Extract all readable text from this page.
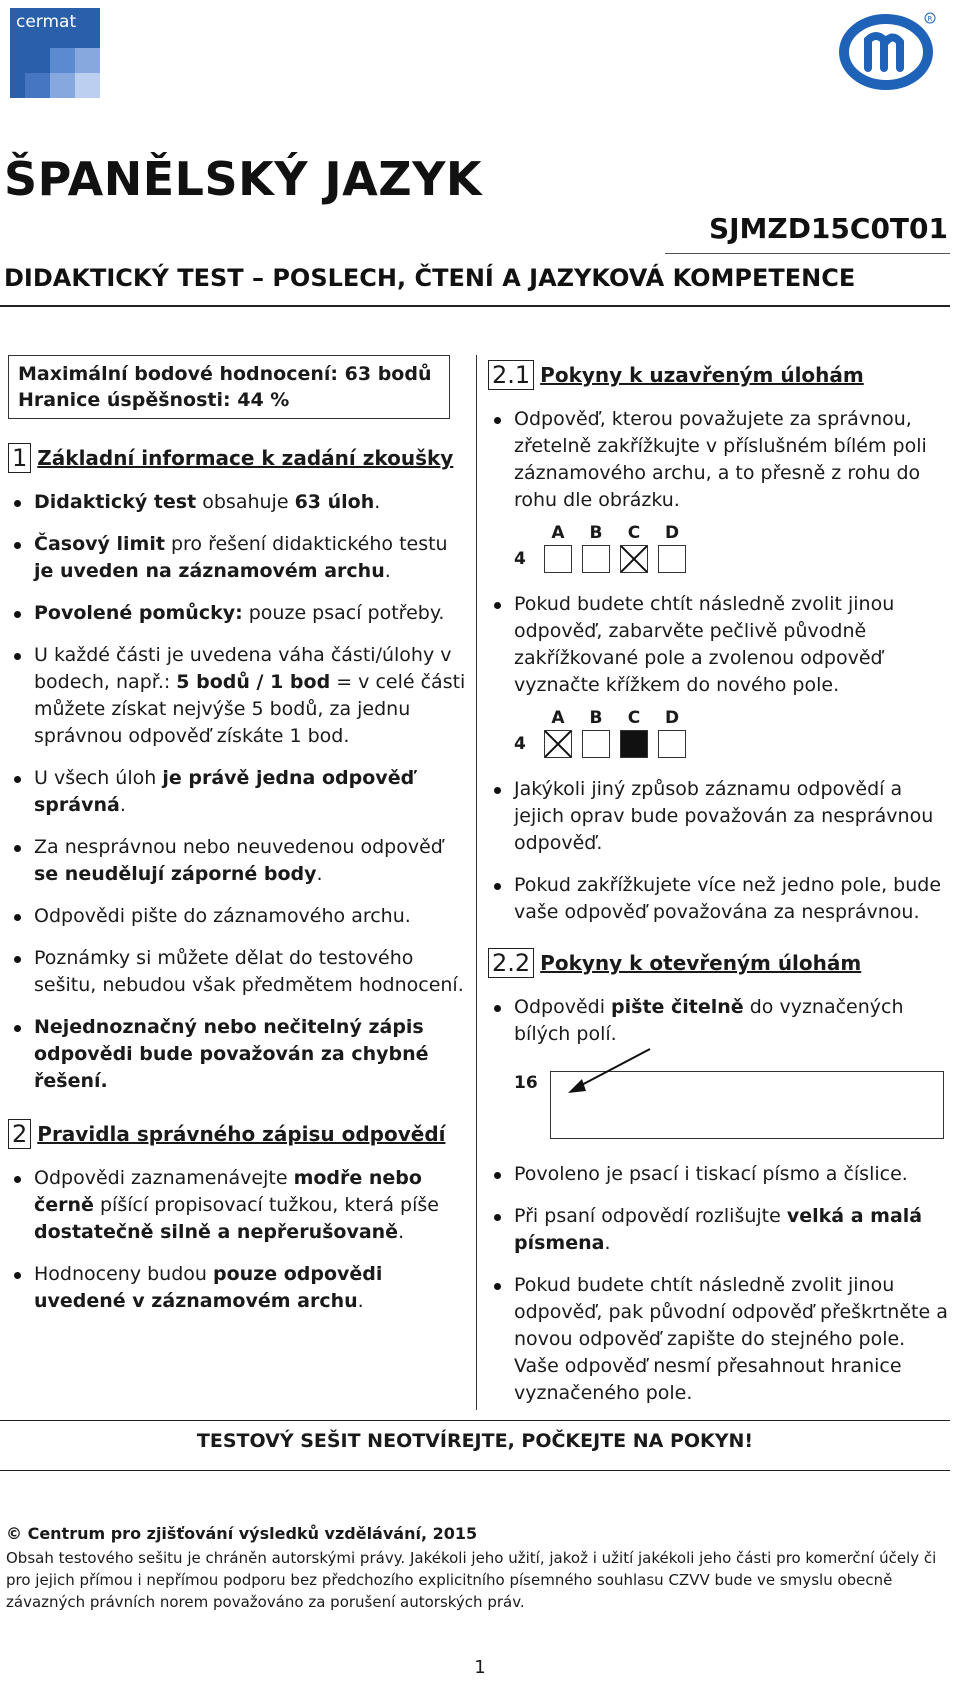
cermat	R
ŠPANĚLSKÝ JAZYK
SJMZD15C0T01
DIDAKTICKÝ TEST – POSLECH, ČTENÍ A JAZYKOVÁ KOMPETENCE
Maximální bodové hodnocení: 63 bodů
Hranice úspěšnosti: 44 %
1 Základní informace k zadání zkoušky
Didaktický test obsahuje 63 úloh.
Časový limit pro řešení didaktického testu je uveden na záznamovém archu.
Povolené pomůcky: pouze psací potřeby.
U každé části je uvedena váha části/úlohy v bodech, např.: 5 bodů / 1 bod = v celé části můžete získat nejvýše 5 bodů, za jednu správnou odpověď získáte 1 bod.
U všech úloh je právě jedna odpověď správná.
Za nesprávnou nebo neuvedenou odpověď se neudělují záporné body.
Odpovědi pište do záznamového archu.
Poznámky si můžete dělat do testového sešitu, nebudou však předmětem hodnocení.
Nejednoznačný nebo nečitelný zápis odpovědi bude považován za chybné řešení.
2 Pravidla správného zápisu odpovědí
Odpovědi zaznamenávejte modře nebo černě píšící propisovací tužkou, která píše dostatečně silně a nepřerušovaně.
Hodnoceny budou pouze odpovědi uvedené v záznamovém archu.
2.1 Pokyny k uzavřeným úlohám
Odpověď, kterou považujete za správnou, zřetelně zakřížkujte v příslušném bílém poli záznamového archu, a to přesně z rohu do rohu dle obrázku.
4
A	B	C	D
Pokud budete chtít následně zvolit jinou odpověď, zabarvěte pečlivě původně zakřížkované pole a zvolenou odpověď vyznačte křížkem do nového pole.
4
A	B	C	D
Jakýkoli jiný způsob záznamu odpovědí a jejich oprav bude považován za nesprávnou odpověď.
Pokud zakřížkujete více než jedno pole, bude vaše odpověď považována za nesprávnou.
2.2 Pokyny k otevřeným úlohám
Odpovědi pište čitelně do vyznačených bílých polí.
16
Povoleno je psací i tiskací písmo a číslice.
Při psaní odpovědí rozlišujte velká a malá písmena.
Pokud budete chtít následně zvolit jinou odpověď, pak původní odpověď přeškrtněte a novou odpověď zapište do stejného pole. Vaše odpověď nesmí přesahnout hranice vyznačeného pole.
TESTOVÝ SEŠIT NEOTVÍREJTE, POČKEJTE NA POKYN!
© Centrum pro zjišťování výsledků vzdělávání, 2015
Obsah testového sešitu je chráněn autorskými právy. Jakékoli jeho užití, jakož i užití jakékoli jeho části pro komerční účely či pro jejich přímou i nepřímou podporu bez předchozího explicitního písemného souhlasu CZVV bude ve smyslu obecně závazných právních norem považováno za porušení autorských práv.
1
